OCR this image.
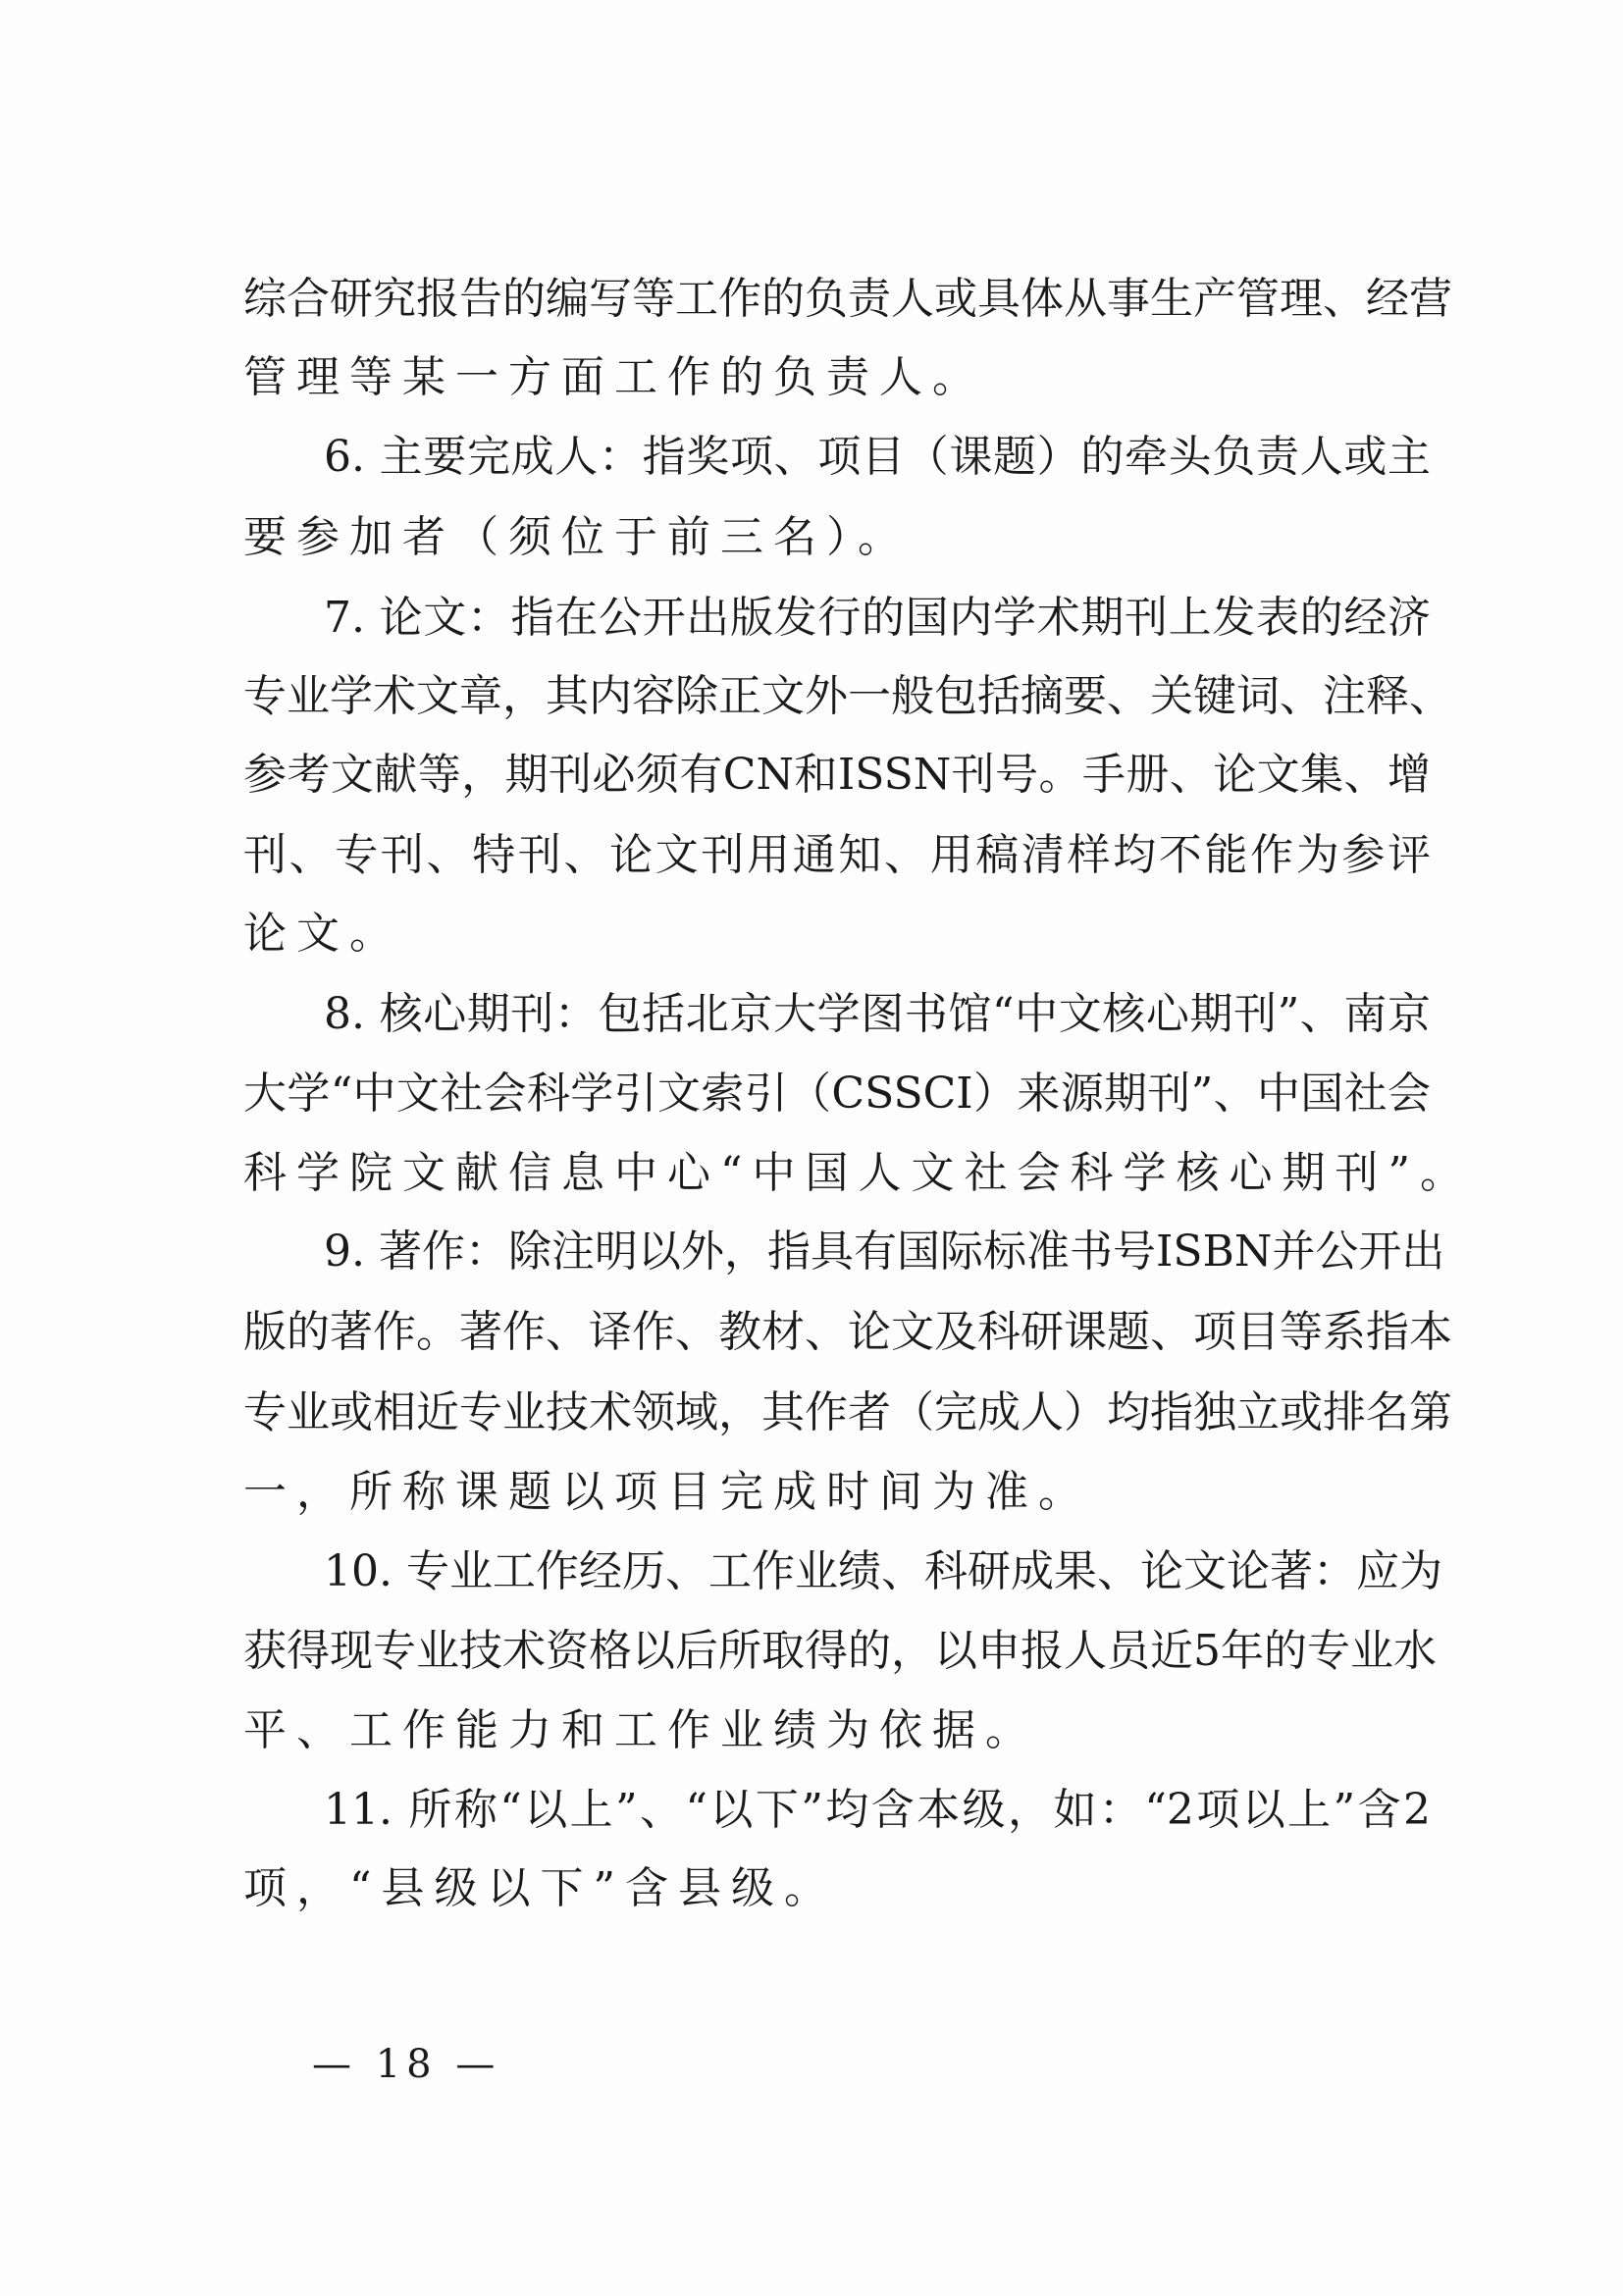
综合研究报告的编写等工作的负责人或具体从事生产管理、经营

管理等某一方面工作的负责人。

6. 主要完成人：指奖项、项目（课题）的牵头负责人或主

要参加者（须位于前三名）。

7. 论文：指在公开出版发行的国内学术期刊上发表的经济

专业学术文章，其内容除正文外一般包括摘要、关键词、注释、

参考文献等，期刊必须有CN和ISSN刊号。手册、论文集、增

刊、专刊、特刊、论文刊用通知、用稿清样均不能作为参评

论文。

8. 核心期刊：包括北京大学图书馆“中文核心期刊”、南京

大学“中文社会科学引文索引（CSSCI）来源期刊”、中国社会

科学院文献信息中心“中国人文社会科学核心期刊”。

9. 著作：除注明以外，指具有国际标准书号ISBN并公开出

版的著作。著作、译作、教材、论文及科研课题、项目等系指本

专业或相近专业技术领域，其作者（完成人）均指独立或排名第

一，所称课题以项目完成时间为准。

10. 专业工作经历、工作业绩、科研成果、论文论著：应为

获得现专业技术资格以后所取得的，以申报人员近5年的专业水

平、工作能力和工作业绩为依据。

11. 所称“以上”、“以下”均含本级，如：“2项以上”含2

项，“县级以下”含县级。

— 18 —
